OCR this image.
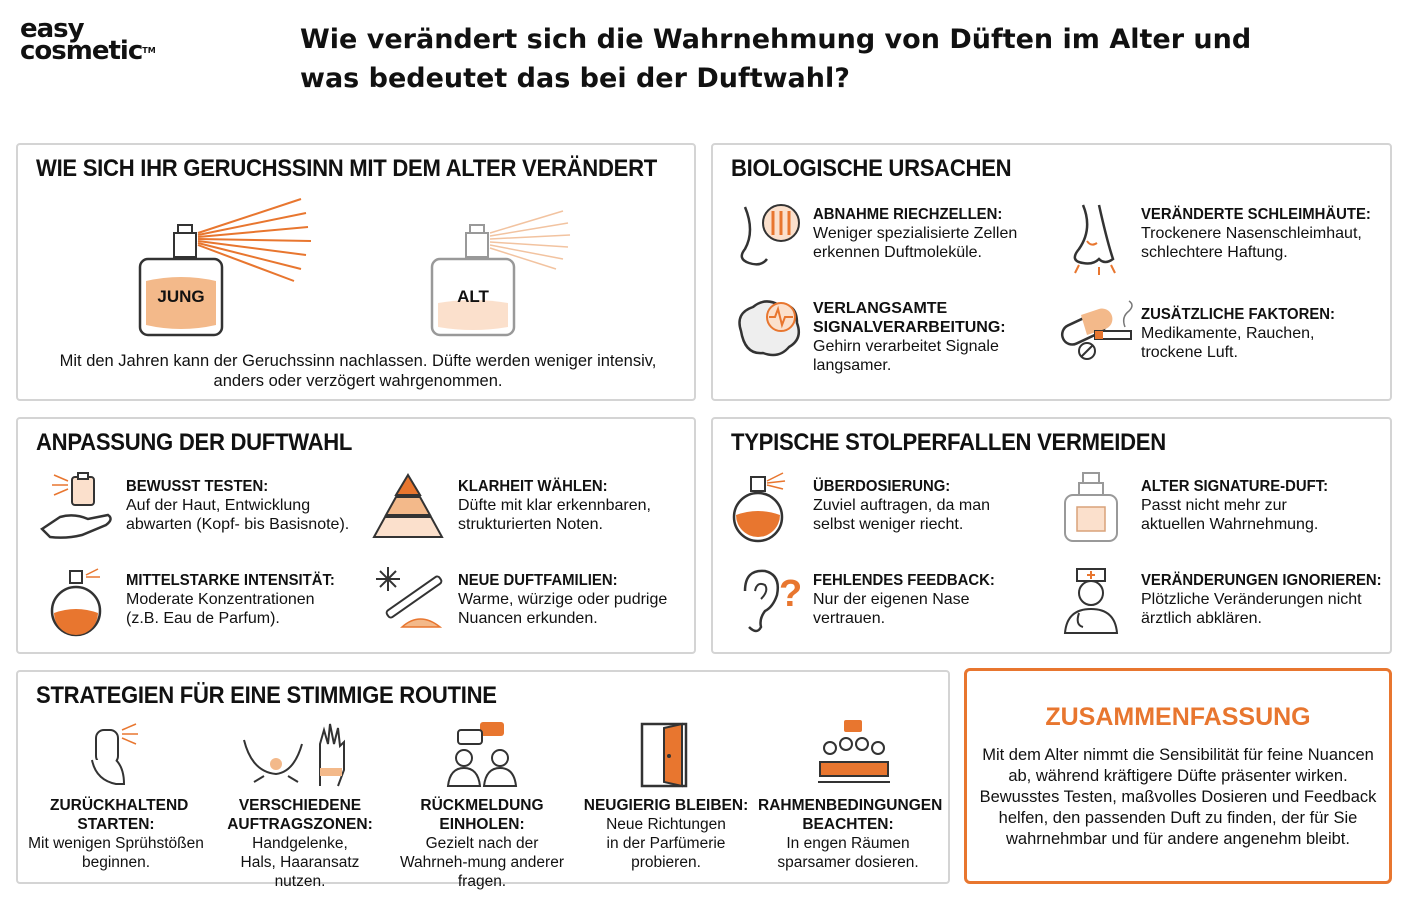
easy
cosmetic™	Wie verändert sich die Wahrnehmung von Düften im Alter und was bedeutet das bei der Duftwahl?
WIE SICH IHR GERUCHSSINN MIT DEM ALTER VERÄNDERT
JUNG	ALT
Mit den Jahren kann der Geruchssinn nachlassen. Düfte werden weniger intensiv, anders oder verzögert wahrgenommen.
BIOLOGISCHE URSACHEN
ABNAHME RIECHZELLEN:
Weniger spezialisierte Zellen erkennen Duftmoleküle.
VERÄNDERTE SCHLEIMHÄUTE:
Trockenere Nasenschleimhaut, schlechtere Haftung.
VERLANGSAMTE SIGNALVERARBEITUNG:
Gehirn verarbeitet Signale langsamer.
ZUSÄTZLICHE FAKTOREN:
Medikamente, Rauchen, trockene Luft.
ANPASSUNG DER DUFTWAHL
BEWUSST TESTEN:
Auf der Haut, Entwicklung abwarten (Kopf- bis Basisnote).
KLARHEIT WÄHLEN:
Düfte mit klar erkennbaren, strukturierten Noten.
MITTELSTARKE INTENSITÄT:
Moderate Konzentrationen (z.B. Eau de Parfum).
NEUE DUFTFAMILIEN:
Warme, würzige oder pudrige Nuancen erkunden.
TYPISCHE STOLPERFALLEN VERMEIDEN
ÜBERDOSIERUNG:
Zuviel auftragen, da man selbst weniger riecht.
ALTER SIGNATURE-DUFT:
Passt nicht mehr zur aktuellen Wahrnehmung.
? FEHLENDES FEEDBACK:
Nur der eigenen Nase vertrauen.
VERÄNDERUNGEN IGNORIEREN:
Plötzliche Veränderungen nicht ärztlich abklären.
STRATEGIEN FÜR EINE STIMMIGE ROUTINE
ZURÜCKHALTEND STARTEN:
Mit wenigen Sprühstößen beginnen.
VERSCHIEDENE AUFTRAGSZONEN:
Handgelenke, Hals, Haaransatz nutzen.
RÜCKMELDUNG EINHOLEN:
Gezielt nach der Wahrneh-mung anderer fragen.
NEUGIERIG BLEIBEN:
Neue Richtungen in der Parfümerie probieren.
RAHMENBEDINGUNGEN BEACHTEN:
In engen Räumen sparsamer dosieren.
ZUSAMMENFASSUNG

Mit dem Alter nimmt die Sensibilität für feine Nuancen ab, während kräftigere Düfte präsenter wirken. Bewusstes Testen, maßvolles Dosieren und Feedback helfen, den passenden Duft zu finden, der für Sie wahrnehmbar und für andere angenehm bleibt.
